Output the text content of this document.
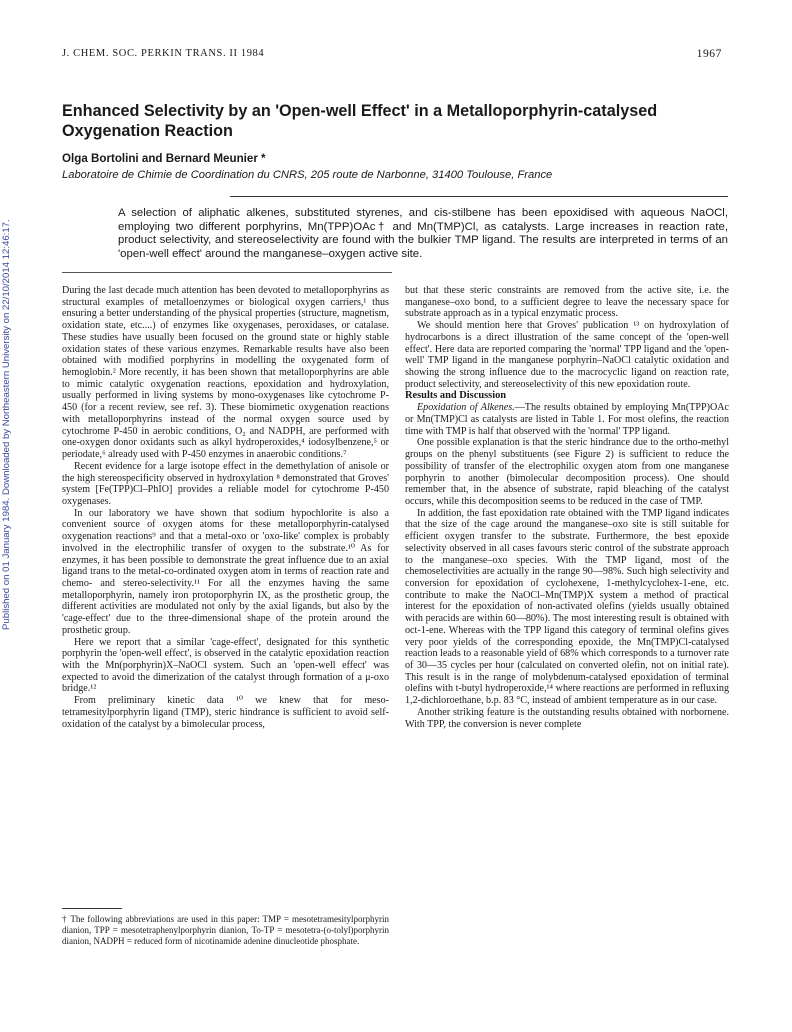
Published on 01 January 1984. Downloaded by Northeastern University on 22/10/2014 12:46:17.
J. CHEM. SOC. PERKIN TRANS. II 1984	1967
Enhanced Selectivity by an 'Open-well Effect' in a Metalloporphyrin-catalysed Oxygenation Reaction
Olga Bortolini and Bernard Meunier *
Laboratoire de Chimie de Coordination du CNRS, 205 route de Narbonne, 31400 Toulouse, France
A selection of aliphatic alkenes, substituted styrenes, and cis-stilbene has been epoxidised with aqueous NaOCl, employing two different porphyrins, Mn(TPP)OAc† and Mn(TMP)Cl, as catalysts. Large increases in reaction rate, product selectivity, and stereoselectivity are found with the bulkier TMP ligand. The results are interpreted in terms of an 'open-well effect' around the manganese–oxygen active site.

During the last decade much attention has been devoted to metalloporphyrins as structural examples of metalloenzymes or biological oxygen carriers,¹ thus ensuring a better understanding of the physical properties (structure, magnetism, oxidation state, etc....) of enzymes like oxygenases, peroxidases, or catalase. These studies have usually been focused on the ground state or highly stable oxidation states of these various enzymes. Remarkable results have also been obtained with modified porphyrins in modelling the oxygenated form of hemoglobin.² More recently, it has been shown that metalloporphyrins are able to mimic catalytic oxygenation reactions, epoxidation and hydroxylation, usually performed in living systems by mono-oxygenases like cytochrome P-450 (for a recent review, see ref. 3). These biomimetic oxygenation reactions with metalloporphyrins instead of the normal oxygen source used by cytochrome P-450 in aerobic conditions, O₂ and NADPH, are performed with one-oxygen donor oxidants such as alkyl hydroperoxides,⁴ iodosylbenzene,⁵ or periodate,⁶ already used with P-450 enzymes in anaerobic conditions.⁷

Recent evidence for a large isotope effect in the demethylation of anisole or the high stereospecificity observed in hydroxylation ⁸ demonstrated that Groves' system [Fe(TPP)Cl–PhIO] provides a reliable model for cytochrome P-450 oxygenases.

In our laboratory we have shown that sodium hypochlorite is also a convenient source of oxygen atoms for these metalloporphyrin-catalysed oxygenation reactions⁹ and that a metal-oxo or 'oxo-like' complex is probably involved in the electrophilic transfer of oxygen to the substrate.¹⁰ As for enzymes, it has been possible to demonstrate the great influence due to an axial ligand trans to the metal-co-ordinated oxygen atom in terms of reaction rate and chemo- and stereo-selectivity.¹¹ For all the enzymes having the same metalloporphyrin, namely iron protoporphyrin IX, as the prosthetic group, the different activities are modulated not only by the axial ligands, but also by the 'cage-effect' due to the three-dimensional shape of the protein around the prosthetic group.

Here we report that a similar 'cage-effect', designated for this synthetic porphyrin the 'open-well effect', is observed in the catalytic epoxidation reaction with the Mn(porphyrin)X–NaOCl system. Such an 'open-well effect' was expected to avoid the dimerization of the catalyst through formation of a μ-oxo bridge.¹²

From preliminary kinetic data ¹⁰ we knew that for meso-tetramesitylporphyrin ligand (TMP), steric hindrance is sufficient to avoid self-oxidation of the catalyst by a bimolecular process,

but that these steric constraints are removed from the active site, i.e. the manganese–oxo bond, to a sufficient degree to leave the necessary space for substrate approach as in a typical enzymatic process.

We should mention here that Groves' publication ¹³ on hydroxylation of hydrocarbons is a direct illustration of the same concept of the 'open-well effect'. Here data are reported comparing the 'normal' TPP ligand and the 'open-well' TMP ligand in the manganese porphyrin–NaOCl catalytic oxidation and showing the strong influence due to the macrocyclic ligand on reaction rate, product selectivity, and stereoselectivity of this new epoxidation route.

Results and Discussion

Epoxidation of Alkenes.—The results obtained by employing Mn(TPP)OAc or Mn(TMP)Cl as catalysts are listed in Table 1. For most olefins, the reaction time with TMP is half that observed with the 'normal' TPP ligand.

One possible explanation is that the steric hindrance due to the ortho-methyl groups on the phenyl substituents (see Figure 2) is sufficient to reduce the possibility of transfer of the electrophilic oxygen atom from one manganese porphyrin to another (bimolecular decomposition process). One should remember that, in the absence of substrate, rapid bleaching of the catalyst occurs, while this decomposition seems to be reduced in the case of TMP.

In addition, the fast epoxidation rate obtained with the TMP ligand indicates that the size of the cage around the manganese–oxo site is still suitable for efficient oxygen transfer to the substrate. Furthermore, the best epoxide selectivity observed in all cases favours steric control of the substrate approach to the manganese–oxo species. With the TMP ligand, most of the chemoselectivities are actually in the range 90—98%. Such high selectivity and conversion for epoxidation of cyclohexene, 1-methylcyclohex-1-ene, etc. contribute to make the NaOCl–Mn(TMP)X system a method of practical interest for the epoxidation of non-activated olefins (yields usually obtained with peracids are within 60—80%). The most interesting result is obtained with oct-1-ene. Whereas with the TPP ligand this category of terminal olefins gives very poor yields of the corresponding epoxide, the Mn(TMP)Cl-catalysed reaction leads to a reasonable yield of 68% which corresponds to a turnover rate of 30—35 cycles per hour (calculated on converted olefin, not on initial rate). This result is in the range of molybdenum-catalysed epoxidation of terminal olefins with t-butyl hydroperoxide,¹⁴ where reactions are performed in refluxing 1,2-dichloroethane, b.p. 83 °C, instead of ambient temperature as in our case.

Another striking feature is the outstanding results obtained with norbornene. With TPP, the conversion is never complete

† The following abbreviations are used in this paper: TMP = mesotetramesitylporphyrin dianion, TPP = mesotetraphenylporphyrin dianion, To-TP = mesotetra-(o-tolyl)porphyrin dianion, NADPH = reduced form of nicotinamide adenine dinucleotide phosphate.
